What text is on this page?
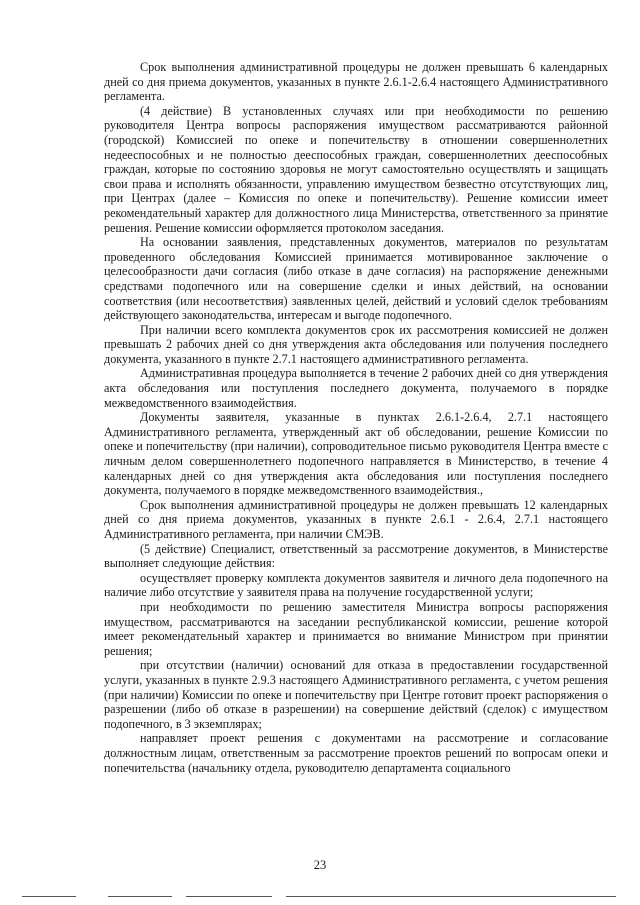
Срок выполнения административной процедуры не должен превышать 6 календарных дней со дня приема документов, указанных в пункте 2.6.1-2.6.4 настоящего Административного регламента.

(4 действие) В установленных случаях или при необходимости по решению руководителя Центра вопросы распоряжения имуществом рассматриваются районной (городской) Комиссией по опеке и попечительству в отношении совершеннолетних недееспособных и не полностью дееспособных граждан, совершеннолетних дееспособных граждан, которые по состоянию здоровья не могут самостоятельно осуществлять и защищать свои права и исполнять обязанности, управлению имуществом безвестно отсутствующих лиц, при Центрах (далее – Комиссия по опеке и попечительству). Решение комиссии имеет рекомендательный характер для должностного лица Министерства, ответственного за принятие решения. Решение комиссии оформляется протоколом заседания.

На основании заявления, представленных документов, материалов по результатам проведенного обследования Комиссией принимается мотивированное заключение о целесообразности дачи согласия (либо отказе в даче согласия) на распоряжение денежными средствами подопечного или на совершение сделки и иных действий, на основании соответствия (или несоответствия) заявленных целей, действий и условий сделок требованиям действующего законодательства, интересам и выгоде подопечного.

При наличии всего комплекта документов срок их рассмотрения комиссией не должен превышать 2 рабочих дней со дня утверждения акта обследования или получения последнего документа, указанного в пункте 2.7.1 настоящего административного регламента.

Административная процедура выполняется в течение 2 рабочих дней со дня утверждения акта обследования или поступления последнего документа, получаемого в порядке межведомственного взаимодействия.

Документы заявителя, указанные в пунктах 2.6.1-2.6.4, 2.7.1 настоящего Административного регламента, утвержденный акт об обследовании, решение Комиссии по опеке и попечительству (при наличии), сопроводительное письмо руководителя Центра вместе с личным делом совершеннолетнего подопечного направляется в Министерство, в течение 4 календарных дней со дня утверждения акта обследования или поступления последнего документа, получаемого в порядке межведомственного взаимодействия.,

Срок выполнения административной процедуры не должен превышать 12 календарных дней со дня приема документов, указанных в пункте 2.6.1 - 2.6.4, 2.7.1 настоящего Административного регламента, при наличии СМЭВ.

(5 действие) Специалист, ответственный за рассмотрение документов, в Министерстве выполняет следующие действия:

осуществляет проверку комплекта документов заявителя и личного дела подопечного на наличие либо отсутствие у заявителя права на получение государственной услуги;

при необходимости по решению заместителя Министра вопросы распоряжения имуществом, рассматриваются на заседании республиканской комиссии, решение которой имеет рекомендательный характер и принимается во внимание Министром при принятии решения;

при отсутствии (наличии) оснований для отказа в предоставлении государственной услуги, указанных в пункте 2.9.3 настоящего Административного регламента, с учетом решения (при наличии) Комиссии по опеке и попечительству при Центре готовит проект распоряжения о разрешении (либо об отказе в разрешении) на совершение действий (сделок) с имуществом подопечного, в 3 экземплярах;

направляет проект решения с документами на рассмотрение и согласование должностным лицам, ответственным за рассмотрение проектов решений по вопросам опеки и попечительства (начальнику отдела, руководителю департамента социального

23
